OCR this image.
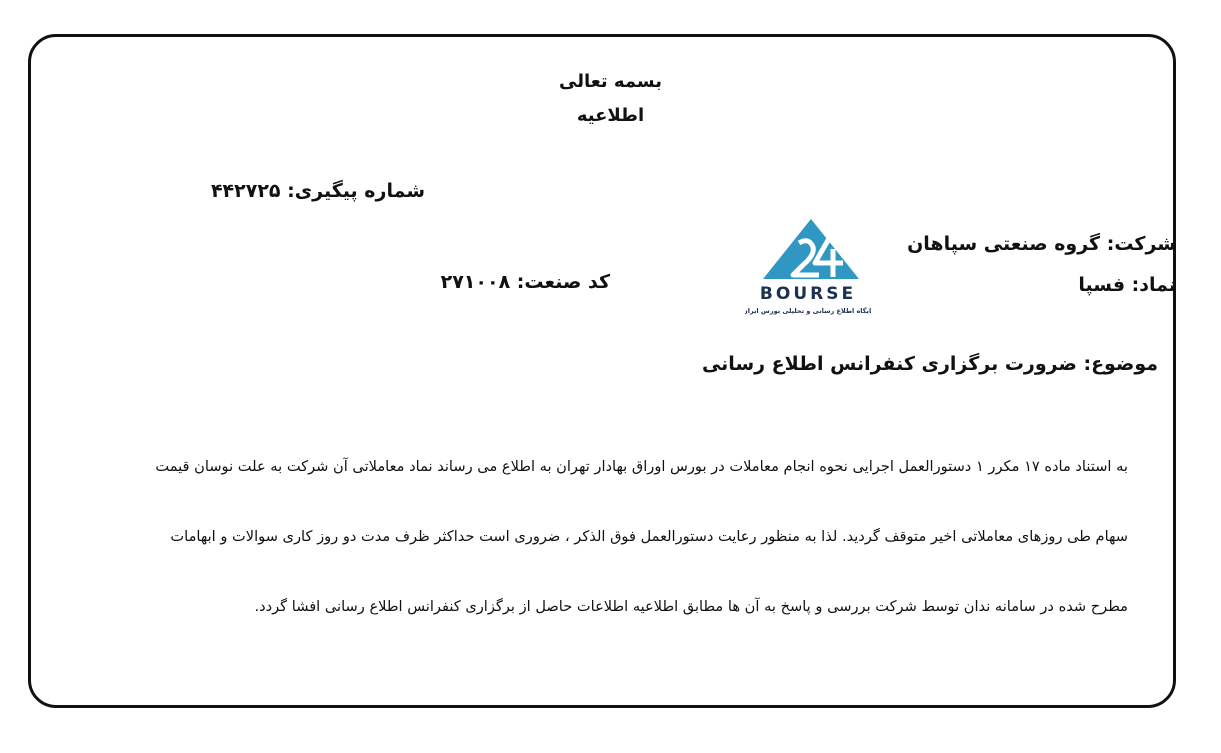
بسمه تعالی
اطلاعیه
شماره پیگیری: ۴۴۲۷۲۵
شرکت: گروه صنعتی سپاهان
نماد: فسپا
کد صنعت: ۲۷۱۰۰۸
BOURSE
پایگاه اطلاع رسانی و تحلیلی بورس ایران
موضوع: ضرورت برگزاری کنفرانس اطلاع رسانی
به استناد ماده ۱۷ مکرر ۱ دستورالعمل اجرایی نحوه انجام معاملات در بورس اوراق بهادار تهران به اطلاع می رساند نماد معاملاتی آن شرکت به علت نوسان قیمت
سهام طی روزهای معاملاتی اخیر متوقف گردید. لذا به منظور رعایت دستورالعمل فوق الذکر ، ضروری است حداکثر ظرف مدت دو روز کاری سوالات و ابهامات
مطرح شده در سامانه ندان توسط شرکت بررسی و پاسخ به آن ها مطابق اطلاعیه اطلاعات حاصل از برگزاری کنفرانس اطلاع رسانی افشا گردد.
